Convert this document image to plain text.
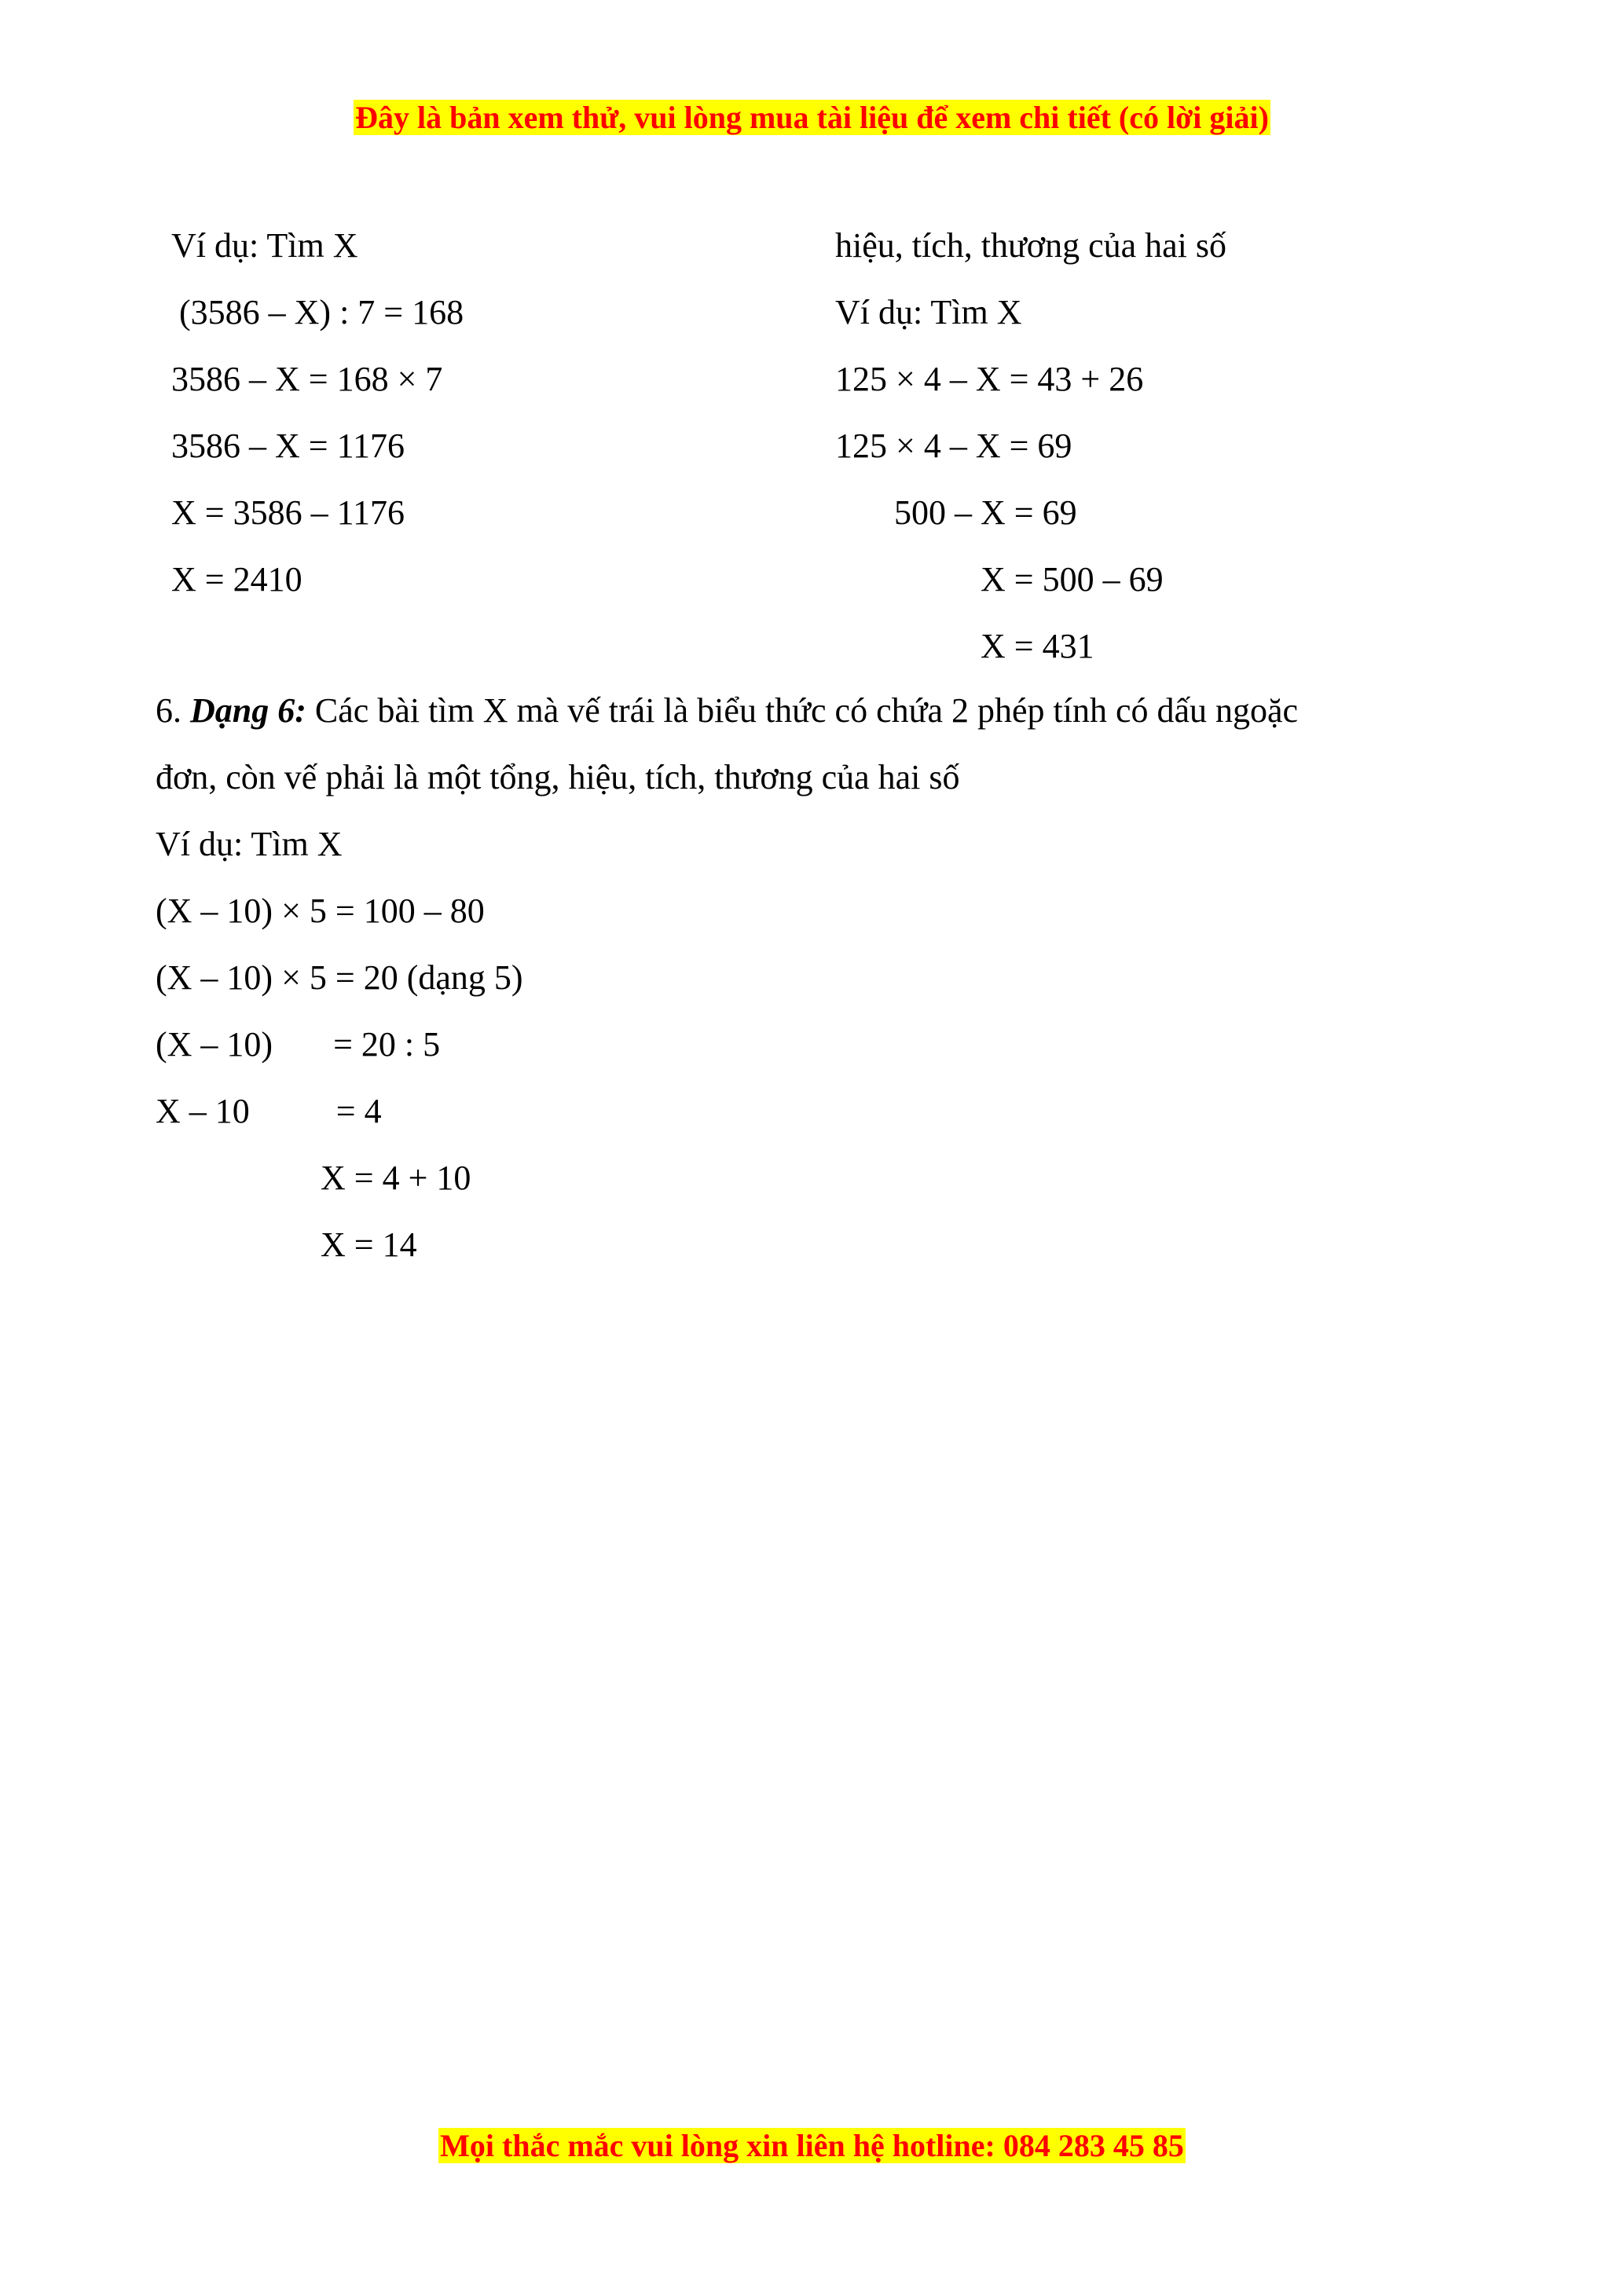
Đây là bản xem thử, vui lòng mua tài liệu để xem chi tiết (có lời giải)
Ví dụ: Tìm X
(3586 – X) : 7 = 168
3586 – X = 168 × 7
3586 – X = 1176
X = 3586 – 1176
X = 2410
hiệu, tích, thương của hai số
Ví dụ: Tìm X
125 × 4 – X = 43 + 26
125 × 4 – X = 69
500 – X = 69
X = 500 – 69
X = 431
6. Dạng 6: Các bài tìm X mà vế trái là biểu thức có chứa 2 phép tính có dấu ngoặc
đơn, còn vế phải là một tổng, hiệu, tích, thương của hai số
Ví dụ: Tìm X
(X – 10) × 5 = 100 – 80
(X – 10) × 5 = 20 (dạng 5)
(X – 10)       = 20 : 5
X – 10          = 4
X = 4 + 10
X = 14
Mọi thắc mắc vui lòng xin liên hệ hotline: 084 283 45 85
